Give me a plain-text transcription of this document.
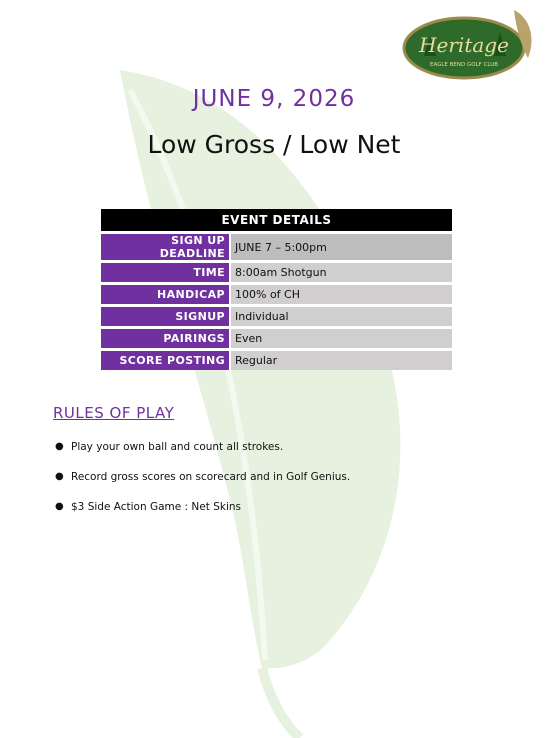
Heritage
EAGLE BEND GOLF CLUB
JUNE 9, 2026
Low Gross / Low Net
EVENT DETAILS	
SIGN UP DEADLINE	JUNE 7 – 5:00pm
TIME	8:00am Shotgun
HANDICAP	100% of CH
SIGNUP	Individual
PAIRINGS	Even
SCORE POSTING	Regular
RULES OF PLAY
● Play your own ball and count all strokes.
● Record gross scores on scorecard and in Golf Genius.
● $3 Side Action Game : Net Skins
